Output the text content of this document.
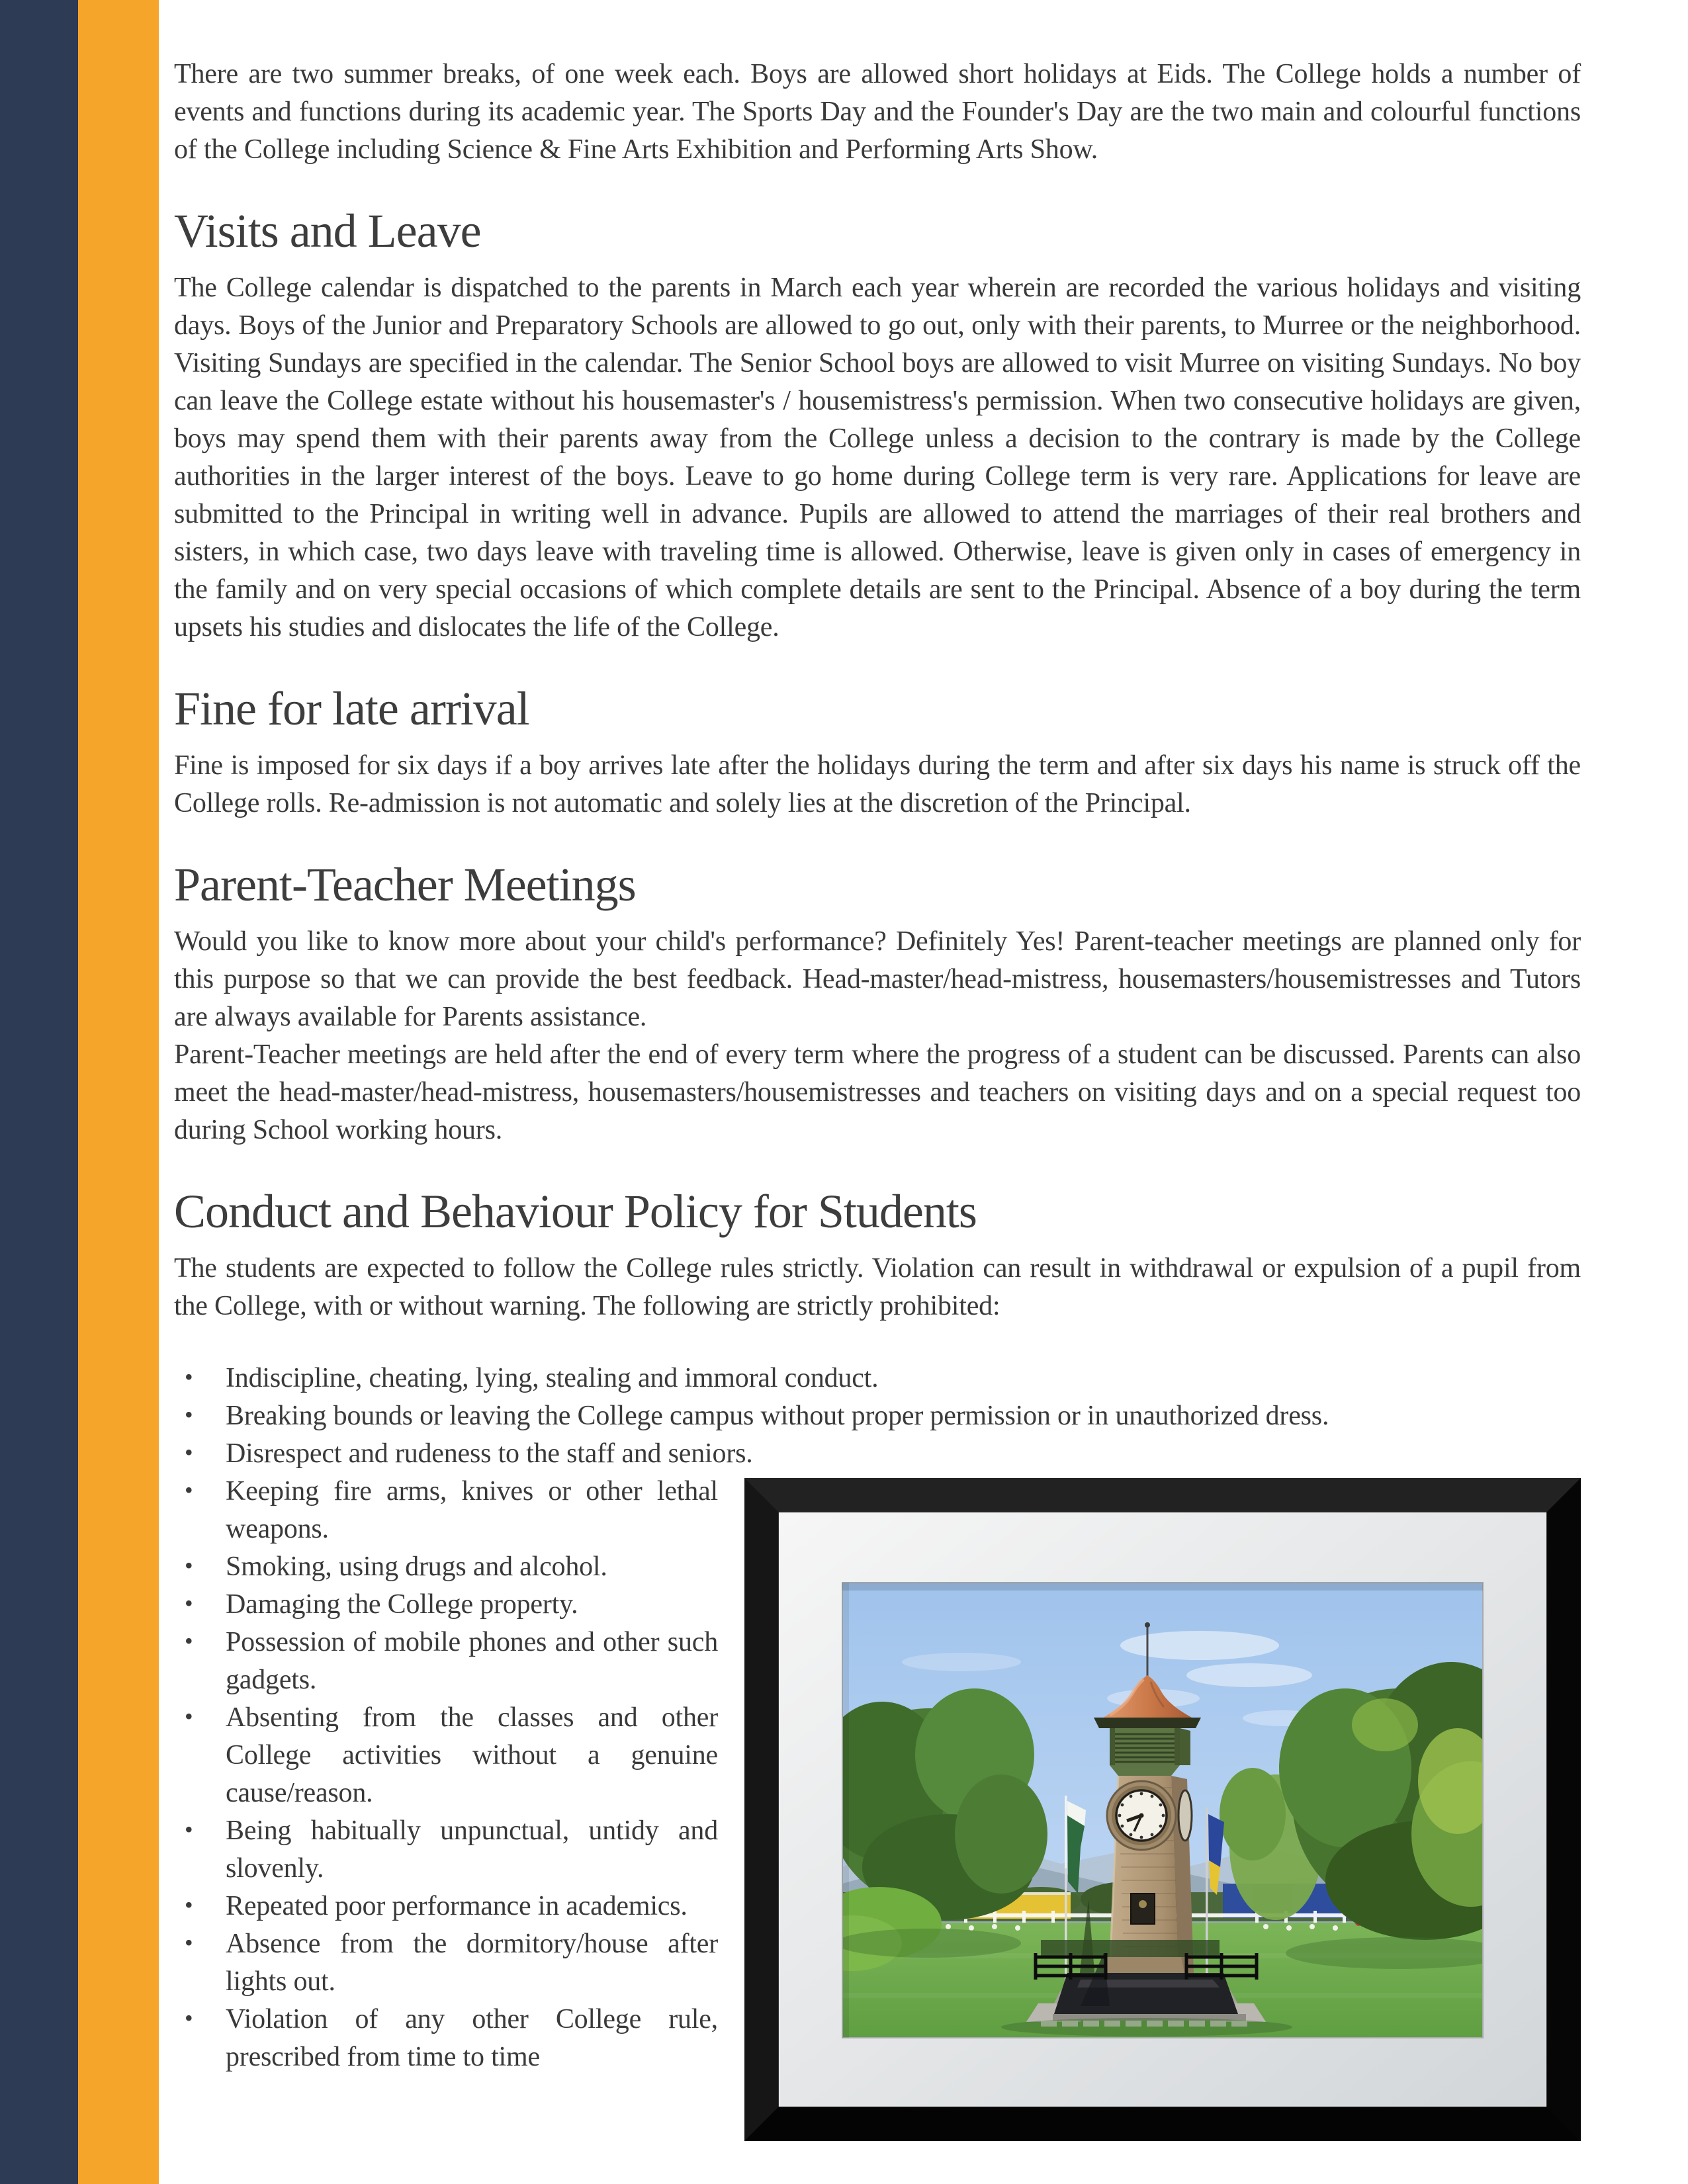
There are two summer breaks, of one week each. Boys are allowed short holidays at Eids. The College holds a number of events and functions during its academic year. The Sports Day and the Founder's Day are the two main and colourful functions of the College including Science & Fine Arts Exhibition and Performing Arts Show.

Visits and Leave

The College calendar is dispatched to the parents in March each year wherein are recorded the various holidays and visiting days. Boys of the Junior and Preparatory Schools are allowed to go out, only with their parents, to Murree or the neighborhood. Visiting Sundays are specified in the calendar. The Senior School boys are allowed to visit Murree on visiting Sundays. No boy can leave the College estate without his housemaster's / housemistress's permission. When two consecutive holidays are given, boys may spend them with their parents away from the College unless a decision to the contrary is made by the College authorities in the larger interest of the boys. Leave to go home during College term is very rare. Applications for leave are submitted to the Principal in writing well in advance. Pupils are allowed to attend the marriages of their real brothers and sisters, in which case, two days leave with traveling time is allowed. Otherwise, leave is given only in cases of emergency in the family and on very special occasions of which complete details are sent to the Principal. Absence of a boy during the term upsets his studies and dislocates the life of the College.

Fine for late arrival

Fine is imposed for six days if a boy arrives late after the holidays during the term and after six days his name is struck off the College rolls. Re-admission is not automatic and solely lies at the discretion of the Principal.

Parent-Teacher Meetings

Would you like to know more about your child's performance? Definitely Yes! Parent-teacher meetings are planned only for this purpose so that we can provide the best feedback. Head-master/head-mistress, housemasters/housemistresses and Tutors are always available for Parents assistance.

Parent-Teacher meetings are held after the end of every term where the progress of a student can be discussed. Parents can also meet the head-master/head-mistress, housemasters/housemistresses and teachers on visiting days and on a special request too during School working hours.

Conduct and Behaviour Policy for Students

The students are expected to follow the College rules strictly. Violation can result in withdrawal or expulsion of a pupil from the College, with or without warning. The following are strictly prohibited:

• Indiscipline, cheating, lying, stealing and immoral conduct.
• Breaking bounds or leaving the College campus without proper permission or in unauthorized dress.
• Disrespect and rudeness to the staff and seniors.
• Keeping fire arms, knives or other lethal weapons.
• Smoking, using drugs and alcohol.
• Damaging the College property.
• Possession of mobile phones and other such gadgets.
• Absenting from the classes and other College activities without a genuine cause/reason.
• Being habitually unpunctual, untidy and slovenly.
• Repeated poor performance in academics.
• Absence from the dormitory/house after lights out.
• Violation of any other College rule, prescribed from time to time
